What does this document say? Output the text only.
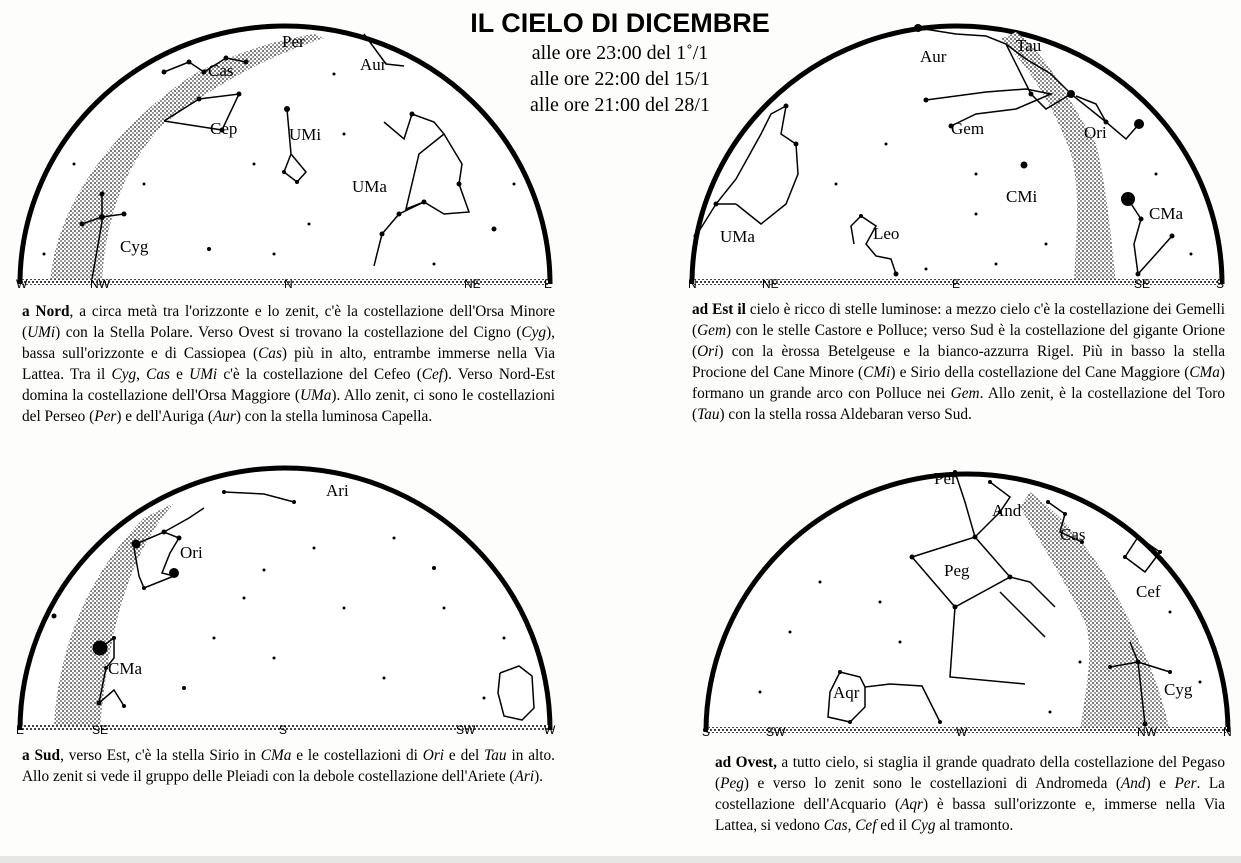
IL CIELO DI DICEMBRE
alle ore 23:00 del 1˚/1
alle ore 22:00 del 15/1
alle ore 21:00 del 28/1
Per
Cas	Aur
Cep	UMi
UMa
Cyg
W	NW	N	NE	E
a Nord, a circa metà tra l'orizzonte e lo zenit, c'è la costellazione dell'Orsa Minore (UMi) con la Stella Polare. Verso Ovest si trovano la costellazione del Cigno (Cyg), bassa sull'orizzonte e di Cassiopea (Cas) più in alto, entrambe immerse nella Via Lattea. Tra il Cyg, Cas e UMi c'è la costellazione del Cefeo (Cef). Verso Nord-Est domina la costellazione dell'Orsa Maggiore (UMa). Allo zenit, ci sono le costellazioni del Perseo (Per) e dell'Auriga (Aur) con la stella luminosa Capella.
Aur
Tau
Gem	Ori
CMi
CMa
UMa	Leo
N	NE	E	SE	S
ad Est il cielo è ricco di stelle luminose: a mezzo cielo c'è la costellazione dei Gemelli (Gem) con le stelle Castore e Polluce; verso Sud è la costellazione del gigante Orione (Ori) con la èrossa Betelgeuse e la bianco-azzurra Rigel. Più in basso la stella Procione del Cane Minore (CMi) e Sirio della costellazione del Cane Maggiore (CMa) formano un grande arco con Polluce nei Gem. Allo zenit, è la costellazione del Toro (Tau) con la stella rossa Aldebaran verso Sud.
Ari
Ori
CMa
E	SE	S	SW	W
a Sud, verso Est, c'è la stella Sirio in CMa e le costellazioni di Ori e del Tau in alto. Allo zenit si vede il gruppo delle Pleiadi con la debole costellazione dell'Ariete (Ari).
Per
And
Cas
Peg
Cef
Aqr	Cyg
S	SW	W	NW	N
ad Ovest, a tutto cielo, si staglia il grande quadrato della costellazione del Pegaso (Peg) e verso lo zenit sono le costellazioni di Andromeda (And) e Per. La costellazione dell'Acquario (Aqr) è bassa sull'orizzonte e, immerse nella Via Lattea, si vedono Cas, Cef ed il Cyg al tramonto.
